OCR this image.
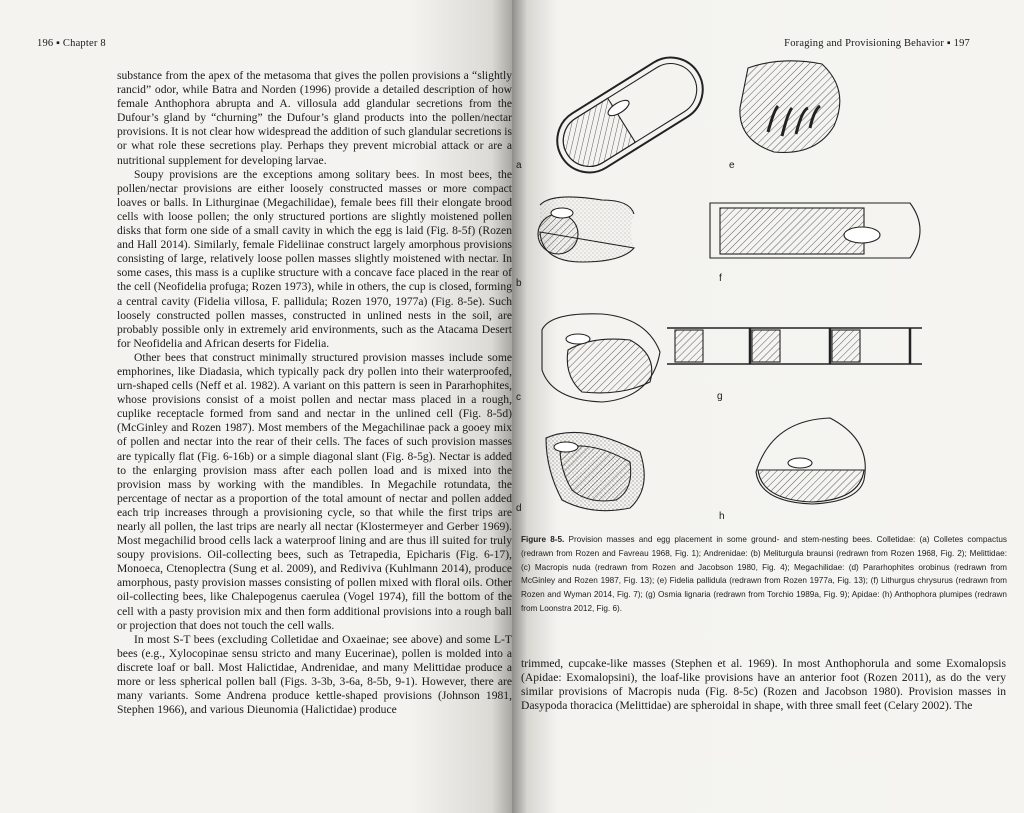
196 ▪ Chapter 8

substance from the apex of the metasoma that gives the pollen provisions a “slightly rancid” odor, while Batra and Norden (1996) provide a detailed description of how female Anthophora abrupta and A. villosula add glandular secretions from the Dufour’s gland by “churning” the Dufour’s gland products into the pollen/nectar provisions. It is not clear how widespread the addition of such glandular secretions is or what role these secretions play. Perhaps they prevent microbial attack or are a nutritional supplement for developing larvae.

Soupy provisions are the exceptions among solitary bees. In most bees, the pollen/nectar provisions are either loosely constructed masses or more compact loaves or balls. In Lithurginae (Megachilidae), female bees fill their elongate brood cells with loose pollen; the only structured portions are slightly moistened pollen disks that form one side of a small cavity in which the egg is laid (Fig. 8-5f) (Rozen and Hall 2014). Similarly, female Fideliinae construct largely amorphous provisions consisting of large, relatively loose pollen masses slightly moistened with nectar. In some cases, this mass is a cuplike structure with a concave face placed in the rear of the cell (Neofidelia profuga; Rozen 1973), while in others, the cup is closed, forming a central cavity (Fidelia villosa, F. pallidula; Rozen 1970, 1977a) (Fig. 8-5e). Such loosely constructed pollen masses, constructed in unlined nests in the soil, are probably possible only in extremely arid environments, such as the Atacama Desert for Neofidelia and African deserts for Fidelia.

Other bees that construct minimally structured provision masses include some emphorines, like Diadasia, which typically pack dry pollen into their waterproofed, urn-shaped cells (Neff et al. 1982). A variant on this pattern is seen in Pararhophites, whose provisions consist of a moist pollen and nectar mass placed in a rough, cuplike receptacle formed from sand and nectar in the unlined cell (Fig. 8-5d) (McGinley and Rozen 1987). Most members of the Megachilinae pack a gooey mix of pollen and nectar into the rear of their cells. The faces of such provision masses are typically flat (Fig. 6-16b) or a simple diagonal slant (Fig. 8-5g). Nectar is added to the enlarging provision mass after each pollen load and is mixed into the provision mass by working with the mandibles. In Megachile rotundata, the percentage of nectar as a proportion of the total amount of nectar and pollen added each trip increases through a provisioning cycle, so that while the first trips are nearly all pollen, the last trips are nearly all nectar (Klostermeyer and Gerber 1969). Most megachilid brood cells lack a waterproof lining and are thus ill suited for truly soupy provisions. Oil-collecting bees, such as Tetrapedia, Epicharis (Fig. 6-17), Monoeca, Ctenoplectra (Sung et al. 2009), and Rediviva (Kuhlmann 2014), produce amorphous, pasty provision masses consisting of pollen mixed with floral oils. Other oil-collecting bees, like Chalepogenus caerulea (Vogel 1974), fill the bottom of the cell with a pasty provision mix and then form additional provisions into a rough ball or projection that does not touch the cell walls.

In most S-T bees (excluding Colletidae and Oxaeinae; see above) and some L-T bees (e.g., Xylocopinae sensu stricto and many Eucerinae), pollen is molded into a discrete loaf or ball. Most Halictidae, Andrenidae, and many Melittidae produce a more or less spherical pollen ball (Figs. 3-3b, 3-6a, 8-5b, 9-1). However, there are many variants. Some Andrena produce kettle-shaped provisions (Johnson 1981, Stephen 1966), and various Dieunomia (Halictidae) produce

Foraging and Provisioning Behavior ▪ 197
a
b
c
d
e
f
g
h
Figure 8-5. Provision masses and egg placement in some ground- and stem-nesting bees. Colletidae: (a) Colletes compactus (redrawn from Rozen and Favreau 1968, Fig. 1); Andrenidae: (b) Meliturgula braunsi (redrawn from Rozen 1968, Fig. 2); Melittidae: (c) Macropis nuda (redrawn from Rozen and Jacobson 1980, Fig. 4); Megachilidae: (d) Pararhophites orobinus (redrawn from McGinley and Rozen 1987, Fig. 13); (e) Fidelia pallidula (redrawn from Rozen 1977a, Fig. 13); (f) Lithurgus chrysurus (redrawn from Rozen and Wyman 2014, Fig. 7); (g) Osmia lignaria (redrawn from Torchio 1989a, Fig. 9); Apidae: (h) Anthophora plumipes (redrawn from Loonstra 2012, Fig. 6).

trimmed, cupcake-like masses (Stephen et al. 1969). In most Anthophorula and some Exomalopsis (Apidae: Exomalopsini), the loaf-like provisions have an anterior foot (Rozen 2011), as do the very similar provisions of Macropis nuda (Fig. 8-5c) (Rozen and Jacobson 1980). Provision masses in Dasypoda thoracica (Melittidae) are spheroidal in shape, with three small feet (Celary 2002). The
